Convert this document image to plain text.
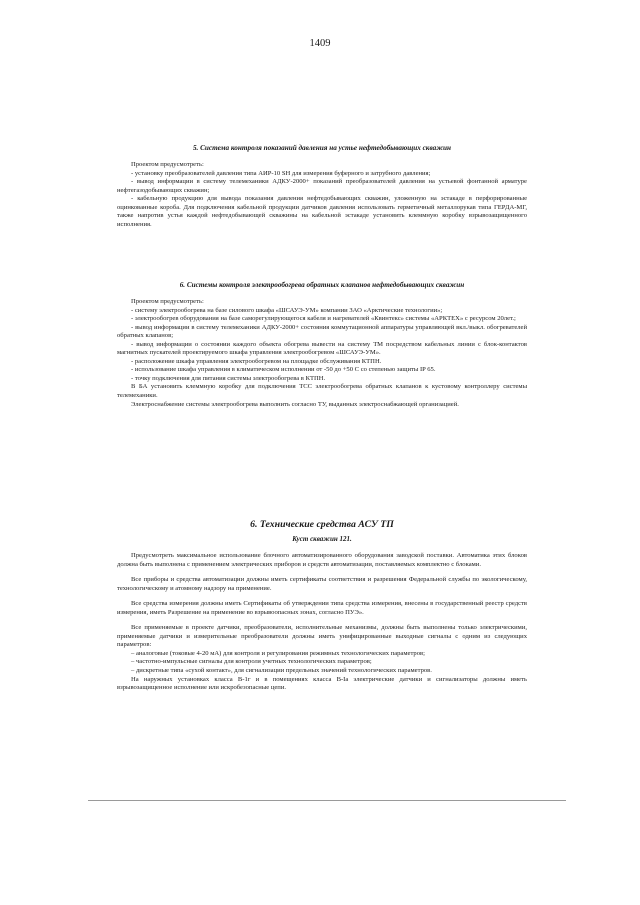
1409

5. Система контроля показаний давления на устье нефтедобывающих скважин

Проектом предусмотреть:

- установку преобразователей давления типа АИР-10 SH для измерения буферного и затрубного давления;

- вывод информации в систему телемеханики АДКУ-2000+ показаний преобразователей давления на устьевой фонтанной арматуре нефтегазодобывающих скважин;

- кабельную продукцию для вывода показания давления нефтедобывающих скважин, уложенную на эстакаде в перфорированные оцинкованные короба. Для подключения кабельной продукции датчиков давления использовать герметичный металлорукав типа ГЕРДА-МГ, также напротив устья каждой нефтедобывающей скважины на кабельной эстакаде установить клеммную коробку взрывозащищенного исполнения.

6. Системы контроля электрообогрева обратных клапанов нефтедобывающих скважин

Проектом предусмотреть:

- систему электрообогрева на базе силового шкафа «ШСАУЭ-УМ» компании ЗАО «Арктические технологии»;

- электрообогрев оборудования на базе саморегулирующегося кабеля и нагревателей «Квинтекс» системы «АРКТЕХ» с ресурсом 20лет.;

- вывод информации в систему телемеханики АДКУ-2000+ состояния коммутационной аппаратуры управляющей вкл./выкл. обогревателей обратных клапанов;

- вывод информации о состоянии каждого объекта обогрева вывести на систему ТМ посредством кабельных линии с блок-контактов магнитных пускателей проектируемого шкафа управления электрообогревом «ШСАУЭ-УМ».

- расположение шкафа управления электрообогревом на площадке обслуживания КТПН.

- использование шкафа управления в климатическом исполнении от -50 до +50 С со степенью защиты IP 65.

- точку подключения для питания системы электрообогрева в КТПН.

В БА установить клеммную коробку для подключения ТСС электрообогрева обратных клапанов к кустовому контроллеру системы телемеханики.

Электроснабжение системы электрообогрева выполнить согласно ТУ, выданных электроснабжающей организацией.

6. Технические средства АСУ ТП

Куст скважин 121.

Предусмотреть максимальное использование блочного автоматизированного оборудования заводской поставки. Автоматика этих блоков должна быть выполнена с применением электрических приборов и средств автоматизации, поставляемых комплектно с блоками.

Все приборы и средства автоматизации должны иметь сертификаты соответствия и разрешения Федеральной службы по экологическому, технологическому и атомному надзору на применение.

Все средства измерения должны иметь Сертификаты об утверждении типа средства измерения, внесены в государственный реестр средств измерения, иметь Разрешение на применение во взрывоопасных зонах, согласно ПУЭ».

Все применяемые в проекте датчики, преобразователи, исполнительные механизмы, должны быть выполнены только электрическими, применяемые датчики и измерительные преобразователи должны иметь унифицированные выходные сигналы с одним из следующих параметров:

– аналоговые (токовые 4-20 мА) для контроля и регулирования режимных технологических параметров;

– частотно-импульсные сигналы для контроля учетных технологических параметров;

– дискретные типа «сухой контакт», для сигнализации предельных значений технологических параметров.

На наружных установках класса В-1г и в помещениях класса В-Iа электрические датчики и сигнализаторы должны иметь взрывозащищенное исполнение или искробезопасные цепи.
